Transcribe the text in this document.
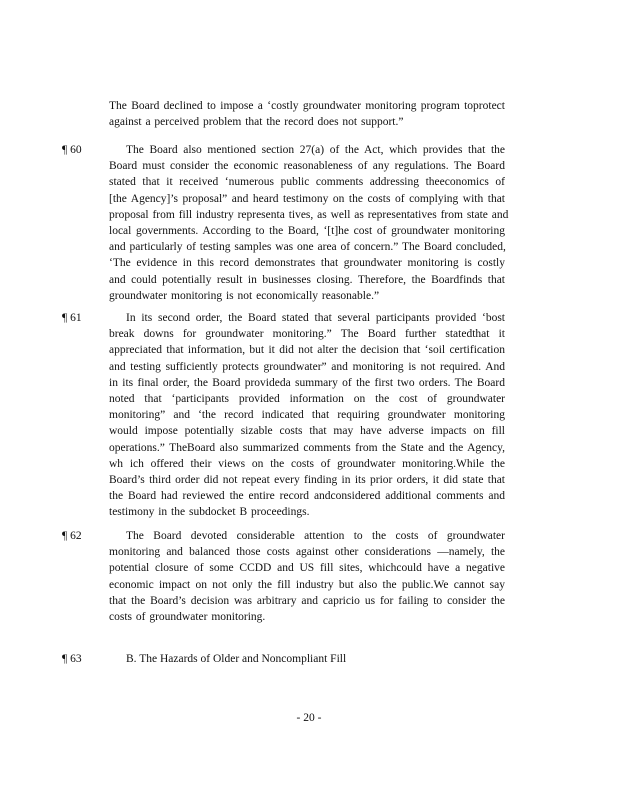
The Board declined to impose a ‘costly groundwater monitoring program toprotect
against a perceived problem that the record does not support.”
¶ 60	The Board also mentioned section 27(a) of the Act, which provides that the
Board must consider the economic reasonableness of any regulations. The Board
stated that it received ‘numerous public comments addressing theeconomics of
[the Agency]’s proposal” and heard testimony on the costs of complying with that
proposal from fill industry representa tives, as well as representatives from state and
local governments. According to the Board, ‘[t]he cost of groundwater monitoring
and particularly of testing samples was one area of concern.” The Board concluded,
‘The evidence in this record demonstrates that groundwater monitoring is costly
and could potentially result in businesses closing. Therefore, the Boardfinds that
groundwater monitoring is not economically reasonable.”
¶ 61	In its second order, the Board stated that several participants provided ‘bost
break downs for groundwater monitoring.” The Board further statedthat it
appreciated that information, but it did not alter the decision that ‘soil certification
and testing sufficiently protects groundwater” and monitoring is not required. And
in its final order, the Board provideda summary of the first two orders. The Board
noted that ‘participants provided information on the cost of groundwater
monitoring” and ‘the record indicated that requiring groundwater monitoring
would impose potentially sizable costs that may have adverse impacts on fill
operations.” TheBoard also summarized comments from the State and the Agency,
wh ich offered their views on the costs of groundwater monitoring.While the
Board’s third order did not repeat every finding in its prior orders, it did state that
the Board had reviewed the entire record andconsidered additional comments and
testimony in the subdocket B proceedings.
¶ 62	The Board devoted considerable attention to the costs of groundwater
monitoring and balanced those costs against other considerations —namely, the
potential closure of some CCDD and US fill sites, whichcould have a negative
economic impact on not only the fill industry but also the public.We cannot say
that the Board’s decision was arbitrary and capricio us for failing to consider the
costs of groundwater monitoring.
¶ 63	B. The Hazards of Older and Noncompliant Fill
- 20 -
